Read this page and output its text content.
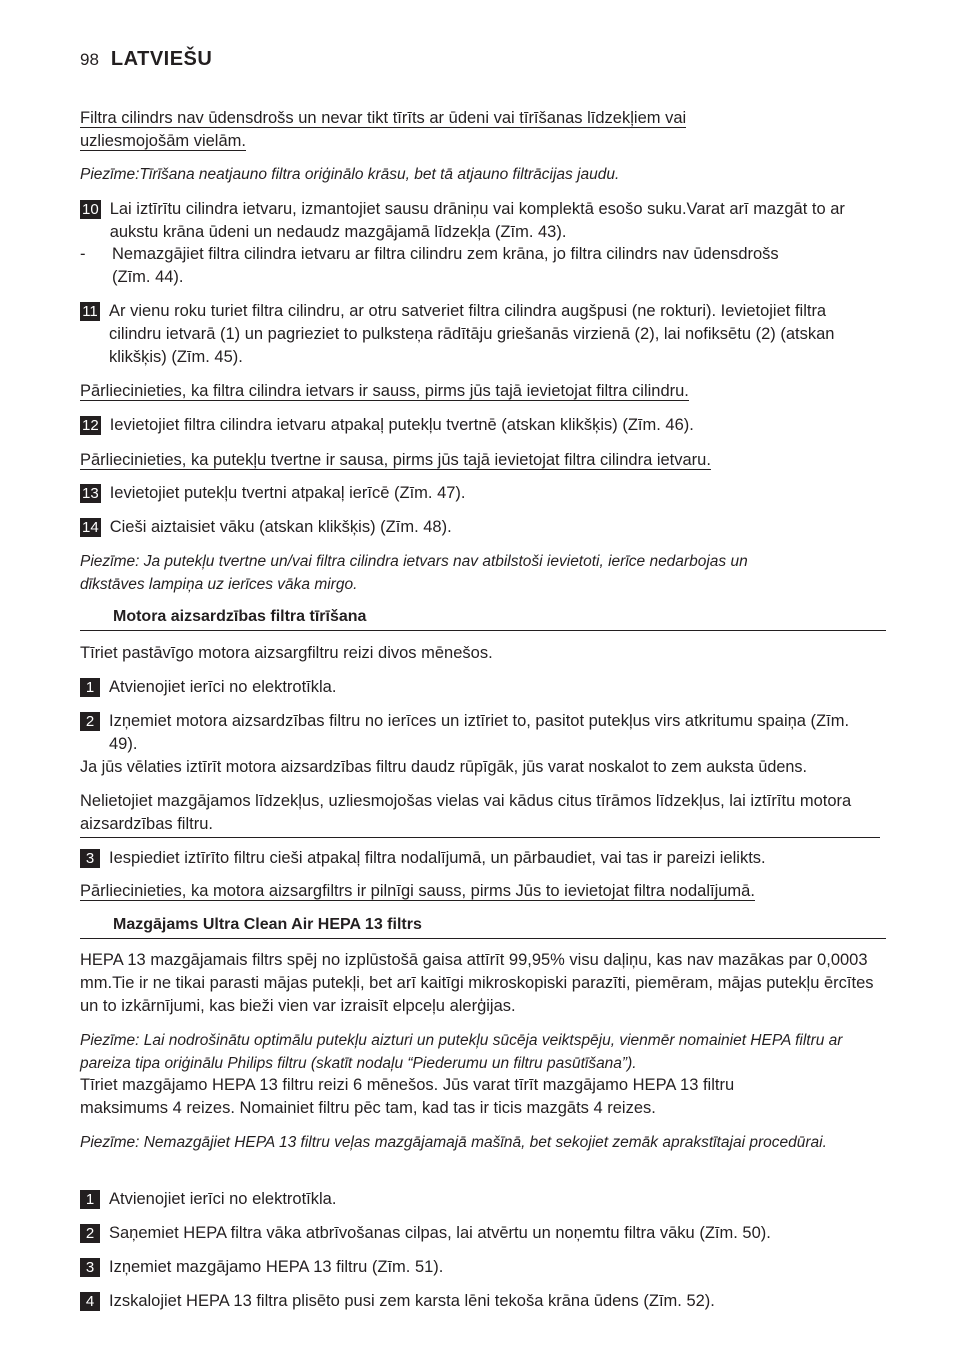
98 LATVIEŠU
Filtra cilindrs nav ūdensdrošs un nevar tikt tīrīts ar ūdeni vai tīrīšanas līdzekļiem vai uzliesmojošām vielām.
Piezīme:Tīrīšana neatjauno filtra oriģinālo krāsu, bet tā atjauno filtrācijas jaudu.
10 Lai iztīrītu cilindra ietvaru, izmantojiet sausu drāniņu vai komplektā esošo suku.Varat arī mazgāt to ar aukstu krāna ūdeni un nedaudz mazgājamā līdzekļa (Zīm. 43).
-	Nemazgājiet filtra cilindra ietvaru ar filtra cilindru zem krāna, jo filtra cilindrs nav ūdensdrošs (Zīm. 44).
11 Ar vienu roku turiet filtra cilindru, ar otru satveriet filtra cilindra augšpusi (ne rokturi). Ievietojiet filtra cilindru ietvarā (1) un pagrieziet to pulksteņa rādītāju griešanās virzienā (2), lai nofiksētu (2) (atskan klikšķis) (Zīm. 45).
Pārliecinieties, ka filtra cilindra ietvars ir sauss, pirms jūs tajā ievietojat filtra cilindru.
12 Ievietojiet filtra cilindra ietvaru atpakaļ putekļu tvertnē (atskan klikšķis) (Zīm. 46).
Pārliecinieties, ka putekļu tvertne ir sausa, pirms jūs tajā ievietojat filtra cilindra ietvaru.
13 Ievietojiet putekļu tvertni atpakaļ ierīcē (Zīm. 47).
14 Cieši aiztaisiet vāku (atskan klikšķis) (Zīm. 48).
Piezīme: Ja putekļu tvertne un/vai filtra cilindra ietvars nav atbilstoši ievietoti, ierīce nedarbojas un dīkstāves lampiņa uz ierīces vāka mirgo.
Motora aizsardzības filtra tīrīšana
Tīriet pastāvīgo motora aizsargfiltru reizi divos mēnešos.
1 Atvienojiet ierīci no elektrotīkla.
2 Izņemiet motora aizsardzības filtru no ierīces un iztīriet to, pasitot putekļus virs atkritumu spaiņa (Zīm. 49).
Ja jūs vēlaties iztīrīt motora aizsardzības filtru daudz rūpīgāk, jūs varat noskalot to zem auksta ūdens.
Nelietojiet mazgājamos līdzekļus, uzliesmojošas vielas vai kādus citus tīrāmos līdzekļus, lai iztīrītu motora aizsardzības filtru.
3 Iespiediet iztīrīto filtru cieši atpakaļ filtra nodalījumā, un pārbaudiet, vai tas ir pareizi ielikts.
Pārliecinieties, ka motora aizsargfiltrs ir pilnīgi sauss, pirms Jūs to ievietojat filtra nodalījumā.
Mazgājams Ultra Clean Air HEPA 13 filtrs
HEPA 13 mazgājamais filtrs spēj no izplūstošā gaisa attīrīt 99,95% visu daļiņu, kas nav mazākas par 0,0003 mm.Tie ir ne tikai parasti mājas putekļi, bet arī kaitīgi mikroskopiski parazīti, piemēram, mājas putekļu ērcītes un to izkārnījumi, kas bieži vien var izraisīt elpceļu alerģijas.
Piezīme: Lai nodrošinātu optimālu putekļu aizturi un putekļu sūcēja veiktspēju, vienmēr nomainiet HEPA filtru ar pareiza tipa oriģinālu Philips filtru (skatīt nodaļu “Piederumu un filtru pasūtīšana”).
Tīriet mazgājamo HEPA 13 filtru reizi 6 mēnešos. Jūs varat tīrīt mazgājamo HEPA 13 filtru maksimums 4 reizes. Nomainiet filtru pēc tam, kad tas ir ticis mazgāts 4 reizes.
Piezīme: Nemazgājiet HEPA 13 filtru veļas mazgājamajā mašīnā, bet sekojiet zemāk aprakstītajai procedūrai.
1 Atvienojiet ierīci no elektrotīkla.
2 Saņemiet HEPA filtra vāka atbrīvošanas cilpas, lai atvērtu un noņemtu filtra vāku (Zīm. 50).
3 Izņemiet mazgājamo HEPA 13 filtru (Zīm. 51).
4 Izskalojiet HEPA 13 filtra plisēto pusi zem karsta lēni tekoša krāna ūdens (Zīm. 52).
